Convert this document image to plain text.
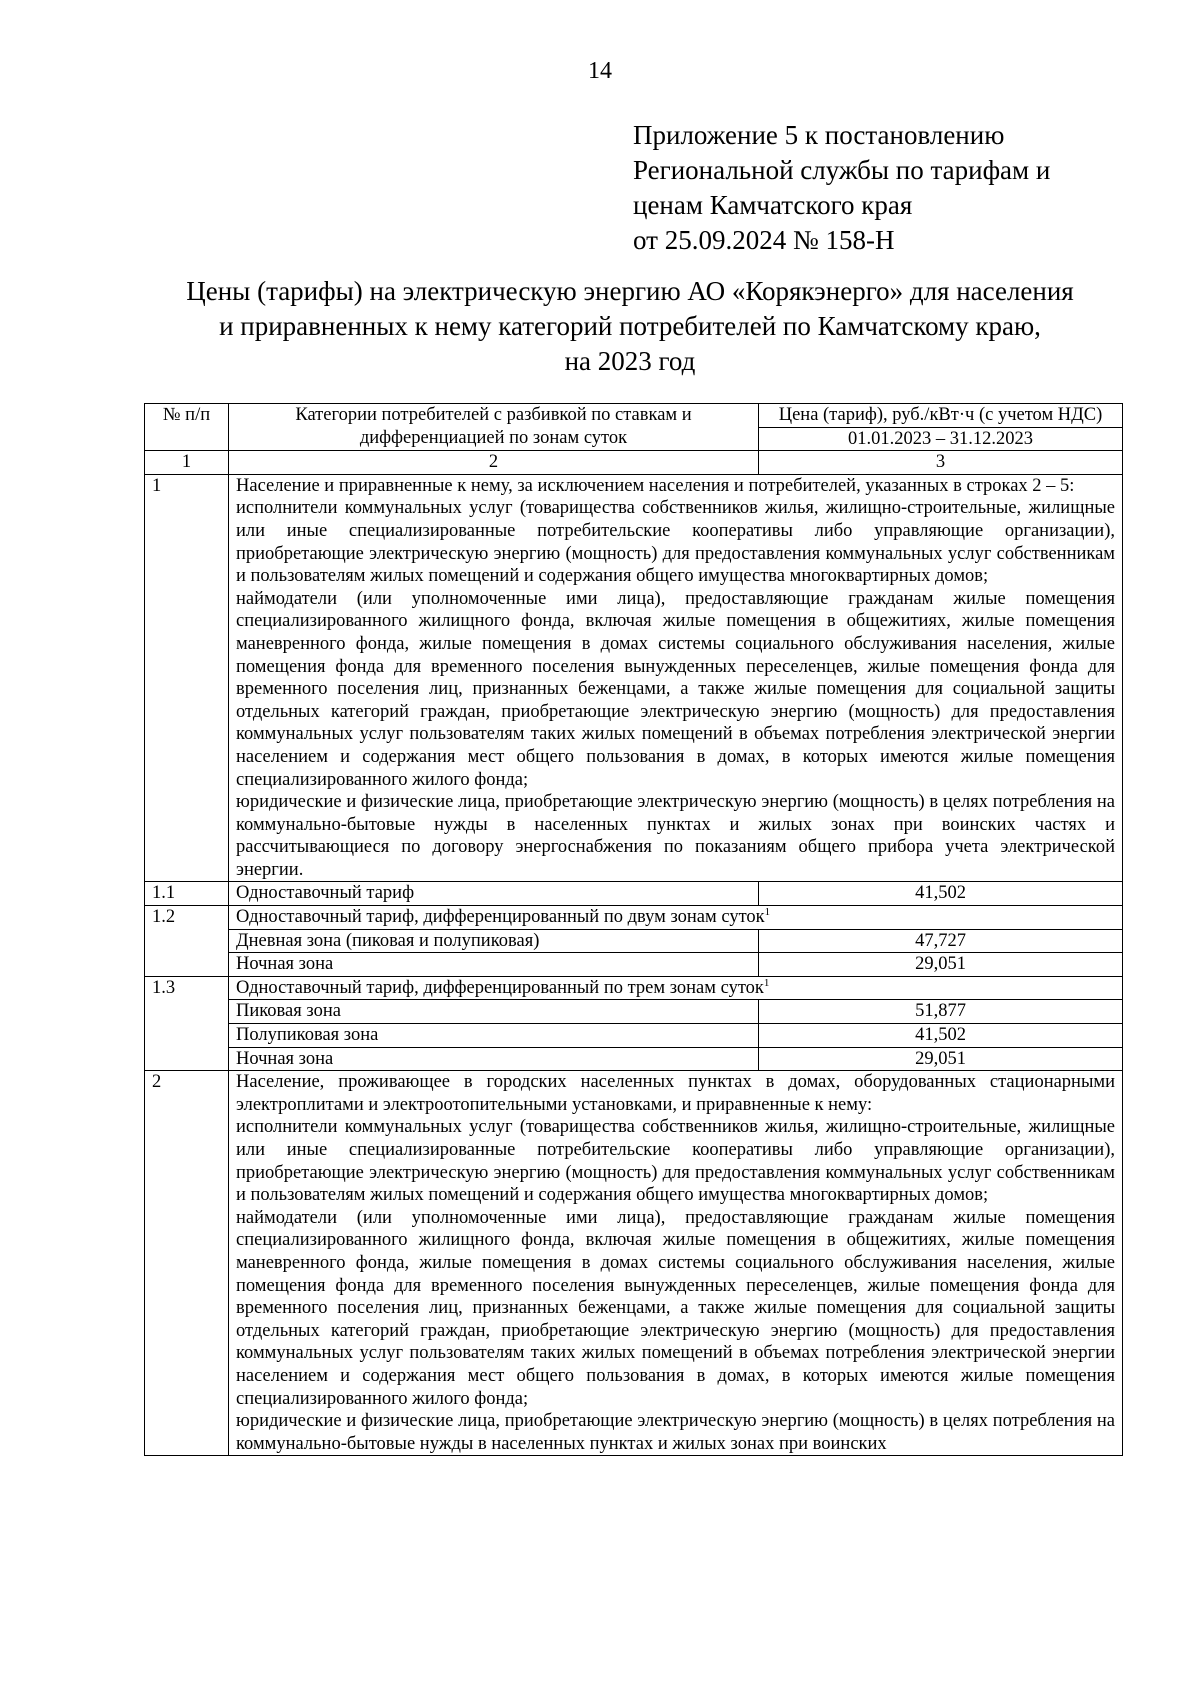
14
Приложение 5 к постановлению
Региональной службы по тарифам и
ценам Камчатского края
от 25.09.2024 № 158-Н
Цены (тарифы) на электрическую энергию АО «Корякэнерго» для населения
и приравненных к нему категорий потребителей по Камчатскому краю,
на 2023 год
№ п/п	Категории потребителей с разбивкой по ставкам и дифференциацией по зонам суток	Цена (тариф), руб./кВт·ч (с учетом НДС)
		01.01.2023 – 31.12.2023
1	2	3
1	Население и приравненные к нему, за исключением населения и потребителей, указанных в строках 2 – 5:
исполнители коммунальных услуг (товарищества собственников жилья, жилищно-строительные, жилищные или иные специализированные потребительские кооперативы либо управляющие организации), приобретающие электрическую энергию (мощность) для предоставления коммунальных услуг собственникам и пользователям жилых помещений и содержания общего имущества многоквартирных домов;
наймодатели (или уполномоченные ими лица), предоставляющие гражданам жилые помещения специализированного жилищного фонда, включая жилые помещения в общежитиях, жилые помещения маневренного фонда, жилые помещения в домах системы социального обслуживания населения, жилые помещения фонда для временного поселения вынужденных переселенцев, жилые помещения фонда для временного поселения лиц, признанных беженцами, а также жилые помещения для социальной защиты отдельных категорий граждан, приобретающие электрическую энергию (мощность) для предоставления коммунальных услуг пользователям таких жилых помещений в объемах потребления электрической энергии населением и содержания мест общего пользования в домах, в которых имеются жилые помещения специализированного жилого фонда;
юридические и физические лица, приобретающие электрическую энергию (мощность) в целях потребления на коммунально-бытовые нужды в населенных пунктах и жилых зонах при воинских частях и рассчитывающиеся по договору энергоснабжения по показаниям общего прибора учета электрической энергии.	

1.1	Одноставочный тариф	41,502
1.2	Одноставочный тариф, дифференцированный по двум зонам суток$^1$
	Дневная зона (пиковая и полупиковая)	47,727
	Ночная зона	29,051
1.3	Одноставочный тариф, дифференцированный по трем зонам суток$^1$
	Пиковая зона	51,877
	Полупиковая зона	41,502
	Ночная зона	29,051
2	Население, проживающее в городских населенных пунктах в домах, оборудованных стационарными электроплитами и электроотопительными установками, и приравненные к нему:
исполнители коммунальных услуг (товарищества собственников жилья, жилищно-строительные, жилищные или иные специализированные потребительские кооперативы либо управляющие организации), приобретающие электрическую энергию (мощность) для предоставления коммунальных услуг собственникам и пользователям жилых помещений и содержания общего имущества многоквартирных домов;
наймодатели (или уполномоченные ими лица), предоставляющие гражданам жилые помещения специализированного жилищного фонда, включая жилые помещения в общежитиях, жилые помещения маневренного фонда, жилые помещения в домах системы социального обслуживания населения, жилые помещения фонда для временного поселения вынужденных переселенцев, жилые помещения фонда для временного поселения лиц, признанных беженцами, а также жилые помещения для социальной защиты отдельных категорий граждан, приобретающие электрическую энергию (мощность) для предоставления коммунальных услуг пользователям таких жилых помещений в объемах потребления электрической энергии населением и содержания мест общего пользования в домах, в которых имеются жилые помещения специализированного жилого фонда;
юридические и физические лица, приобретающие электрическую энергию (мощность) в целях потребления на коммунально-бытовые нужды в населенных пунктах и жилых зонах при воинских	
